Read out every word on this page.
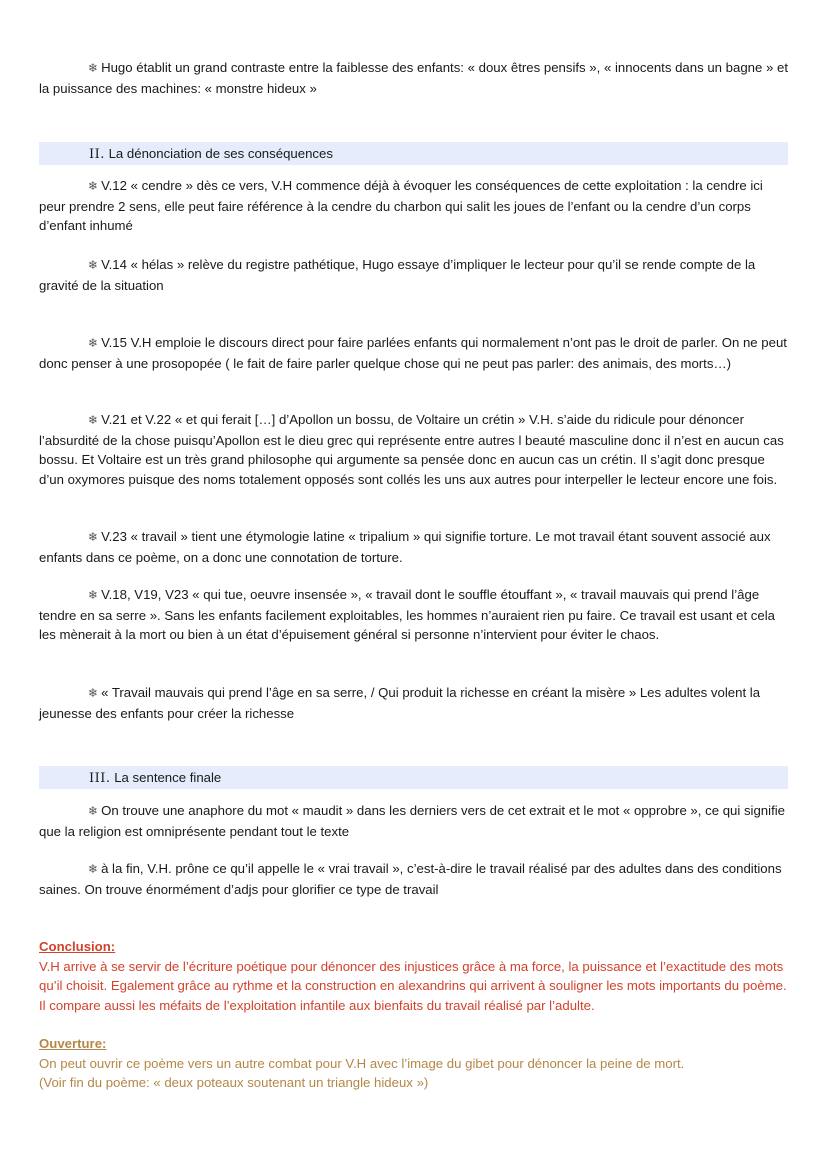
❄ Hugo établit un grand contraste entre la faiblesse des enfants: « doux êtres pensifs », « innocents dans un bagne » et la puissance des machines: « monstre hideux »

II. La dénonciation de ses conséquences

❄ V.12 « cendre » dès ce vers, V.H commence déjà à évoquer les conséquences de cette exploitation : la cendre ici peur prendre 2 sens, elle peut faire référence à la cendre du charbon qui salit les joues de l’enfant ou la cendre d’un corps d’enfant inhumé

❄ V.14 « hélas » relève du registre pathétique, Hugo essaye d’impliquer le lecteur pour qu’il se rende compte de la gravité de la situation

❄ V.15 V.H emploie le discours direct pour faire parlées enfants qui normalement n’ont pas le droit de parler. On ne peut donc penser à une prosopopée ( le fait de faire parler quelque chose qui ne peut pas parler: des animais, des morts…)

❄ V.21 et V.22 « et qui ferait […] d’Apollon un bossu, de Voltaire un crétin » V.H. s’aide du ridicule pour dénoncer l’absurdité de la chose puisqu’Apollon est le dieu grec qui représente entre autres l beauté masculine donc il n’est en aucun cas bossu. Et Voltaire est un très grand philosophe qui argumente sa pensée donc en aucun cas un crétin. Il s’agit donc presque d’un oxymores puisque des noms totalement opposés sont collés les uns aux autres pour interpeller le lecteur encore une fois.

❄ V.23 « travail » tient une étymologie latine « tripalium » qui signifie torture. Le mot travail étant souvent associé aux enfants dans ce poème, on a donc une connotation de torture.

❄ V.18, V19, V23 « qui tue, oeuvre insensée », « travail dont le souffle étouffant », « travail mauvais qui prend l’âge tendre en sa serre ». Sans les enfants facilement exploitables, les hommes n’auraient rien pu faire. Ce travail est usant et cela les mènerait à la mort ou bien à un état d’épuisement général si personne n’intervient pour éviter le chaos.

❄ « Travail mauvais qui prend l’âge en sa serre, / Qui produit la richesse en créant la misère » Les adultes volent la jeunesse des enfants pour créer la richesse

III. La sentence finale

❄ On trouve une anaphore du mot « maudit » dans les derniers vers de cet extrait et le mot « opprobre », ce qui signifie que la religion est omniprésente pendant tout le texte

❄ à la fin, V.H. prône ce qu’il appelle le « vrai travail », c’est-à-dire le travail réalisé par des adultes dans des conditions saines. On trouve énormément d’adjs pour glorifier ce type de travail

Conclusion:
V.H arrive à se servir de l’écriture poétique pour dénoncer des injustices grâce à ma force, la puissance et l’exactitude des mots qu’il choisit. Egalement grâce au rythme et la construction en alexandrins qui arrivent à souligner les mots importants du poème. Il compare aussi les méfaits de l’exploitation infantile aux bienfaits du travail réalisé par l’adulte.
Ouverture:
On peut ouvrir ce poème vers un autre combat pour V.H avec l’image du gibet pour dénoncer la peine de mort.
(Voir fin du poème: « deux poteaux soutenant un triangle hideux »)
